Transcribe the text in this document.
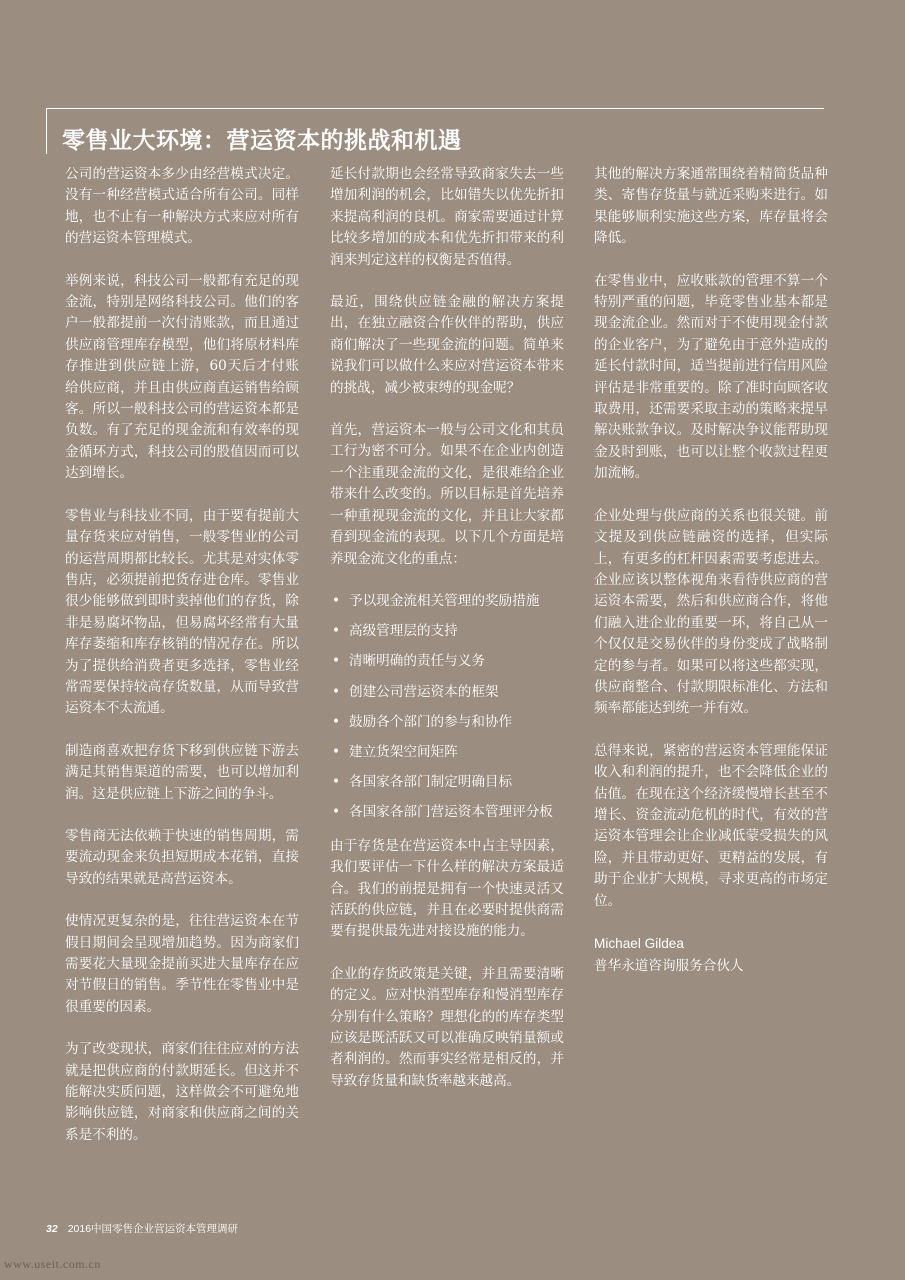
零售业大环境：营运资本的挑战和机遇

公司的营运资本多少由经营模式决定。没有一种经营模式适合所有公司。同样地，也不止有一种解决方式来应对所有的营运资本管理模式。

举例来说，科技公司一般都有充足的现金流，特别是网络科技公司。他们的客户一般都提前一次付清账款，而且通过供应商管理库存模型，他们将原材料库存推进到供应链上游，60天后才付账给供应商，并且由供应商直运销售给顾客。所以一般科技公司的营运资本都是负数。有了充足的现金流和有效率的现金循环方式，科技公司的股值因而可以达到增长。

零售业与科技业不同，由于要有提前大量存货来应对销售，一般零售业的公司的运营周期都比较长。尤其是对实体零售店，必须提前把货存进仓库。零售业很少能够做到即时卖掉他们的存货，除非是易腐坏物品，但易腐坏经常有大量库存萎缩和库存核销的情况存在。所以为了提供给消费者更多选择，零售业经常需要保持较高存货数量，从而导致营运资本不太流通。

制造商喜欢把存货下移到供应链下游去满足其销售渠道的需要，也可以增加利润。这是供应链上下游之间的争斗。

零售商无法依赖于快速的销售周期，需要流动现金来负担短期成本花销，直接导致的结果就是高营运资本。

使情况更复杂的是，往往营运资本在节假日期间会呈现增加趋势。因为商家们需要花大量现金提前买进大量库存在应对节假日的销售。季节性在零售业中是很重要的因素。

为了改变现状，商家们往往应对的方法就是把供应商的付款期延长。但这并不能解决实质问题，这样做会不可避免地影响供应链，对商家和供应商之间的关系是不利的。

延长付款期也会经常导致商家失去一些增加利润的机会，比如错失以优先折扣来提高利润的良机。商家需要通过计算比较多增加的成本和优先折扣带来的利润来判定这样的权衡是否值得。

最近，围绕供应链金融的解决方案提出，在独立融资合作伙伴的帮助，供应商们解决了一些现金流的问题。简单来说我们可以做什么来应对营运资本带来的挑战，减少被束缚的现金呢？

首先，营运资本一般与公司文化和其员工行为密不可分。如果不在企业内创造一个注重现金流的文化，是很难给企业带来什么改变的。所以目标是首先培养一种重视现金流的文化，并且让大家都看到现金流的表现。以下几个方面是培养现金流文化的重点：

• 予以现金流相关管理的奖励措施
• 高级管理层的支持
• 清晰明确的责任与义务
• 创建公司营运资本的框架
• 鼓励各个部门的参与和协作
• 建立货架空间矩阵
• 各国家各部门制定明确目标
• 各国家各部门营运资本管理评分板

由于存货是在营运资本中占主导因素，我们要评估一下什么样的解决方案最适合。我们的前提是拥有一个快速灵活又活跃的供应链，并且在必要时提供商需要有提供最先进对接设施的能力。

企业的存货政策是关键，并且需要清晰的定义。应对快消型库存和慢消型库存分别有什么策略？理想化的的库存类型应该是既活跃又可以准确反映销量额或者利润的。然而事实经常是相反的，并导致存货量和缺货率越来越高。

其他的解决方案通常围绕着精简货品种类、寄售存货量与就近采购来进行。如果能够顺利实施这些方案，库存量将会降低。

在零售业中，应收账款的管理不算一个特别严重的问题，毕竟零售业基本都是现金流企业。然而对于不使用现金付款的企业客户，为了避免由于意外造成的延长付款时间，适当提前进行信用风险评估是非常重要的。除了准时向顾客收取费用，还需要采取主动的策略来提早解决账款争议。及时解决争议能帮助现金及时到账，也可以让整个收款过程更加流畅。

企业处理与供应商的关系也很关键。前文提及到供应链融资的选择，但实际上，有更多的杠杆因素需要考虑进去。企业应该以整体视角来看待供应商的营运资本需要，然后和供应商合作，将他们融入进企业的重要一环，将自己从一个仅仅是交易伙伴的身份变成了战略制定的参与者。如果可以将这些都实现，供应商整合、付款期限标准化、方法和频率都能达到统一并有效。

总得来说，紧密的营运资本管理能保证收入和利润的提升，也不会降低企业的估值。在现在这个经济缓慢增长甚至不增长、资金流动危机的时代，有效的营运资本管理会让企业减低蒙受损失的风险，并且带动更好、更精益的发展，有助于企业扩大规模，寻求更高的市场定位。

Michael Gildea
普华永道咨询服务合伙人
32 2016中国零售企业营运资本管理调研
www.useit.com.cn
